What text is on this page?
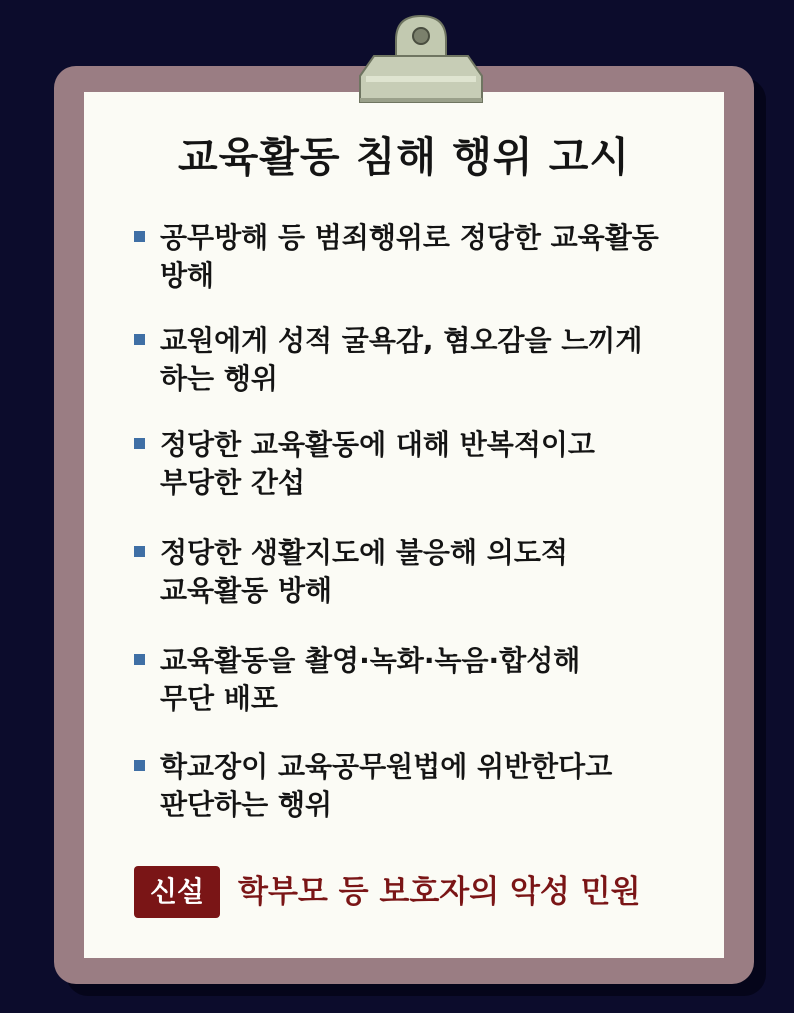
교육활동 침해 행위 고시
공무방해 등 범죄행위로 정당한 교육활동
방해
교원에게 성적 굴욕감, 혐오감을 느끼게
하는 행위
정당한 교육활동에 대해 반복적이고
부당한 간섭
정당한 생활지도에 불응해 의도적
교육활동 방해
교육활동을 촬영·녹화·녹음·합성해
무단 배포
학교장이 교육공무원법에 위반한다고
판단하는 행위
신설	학부모 등 보호자의 악성 민원
